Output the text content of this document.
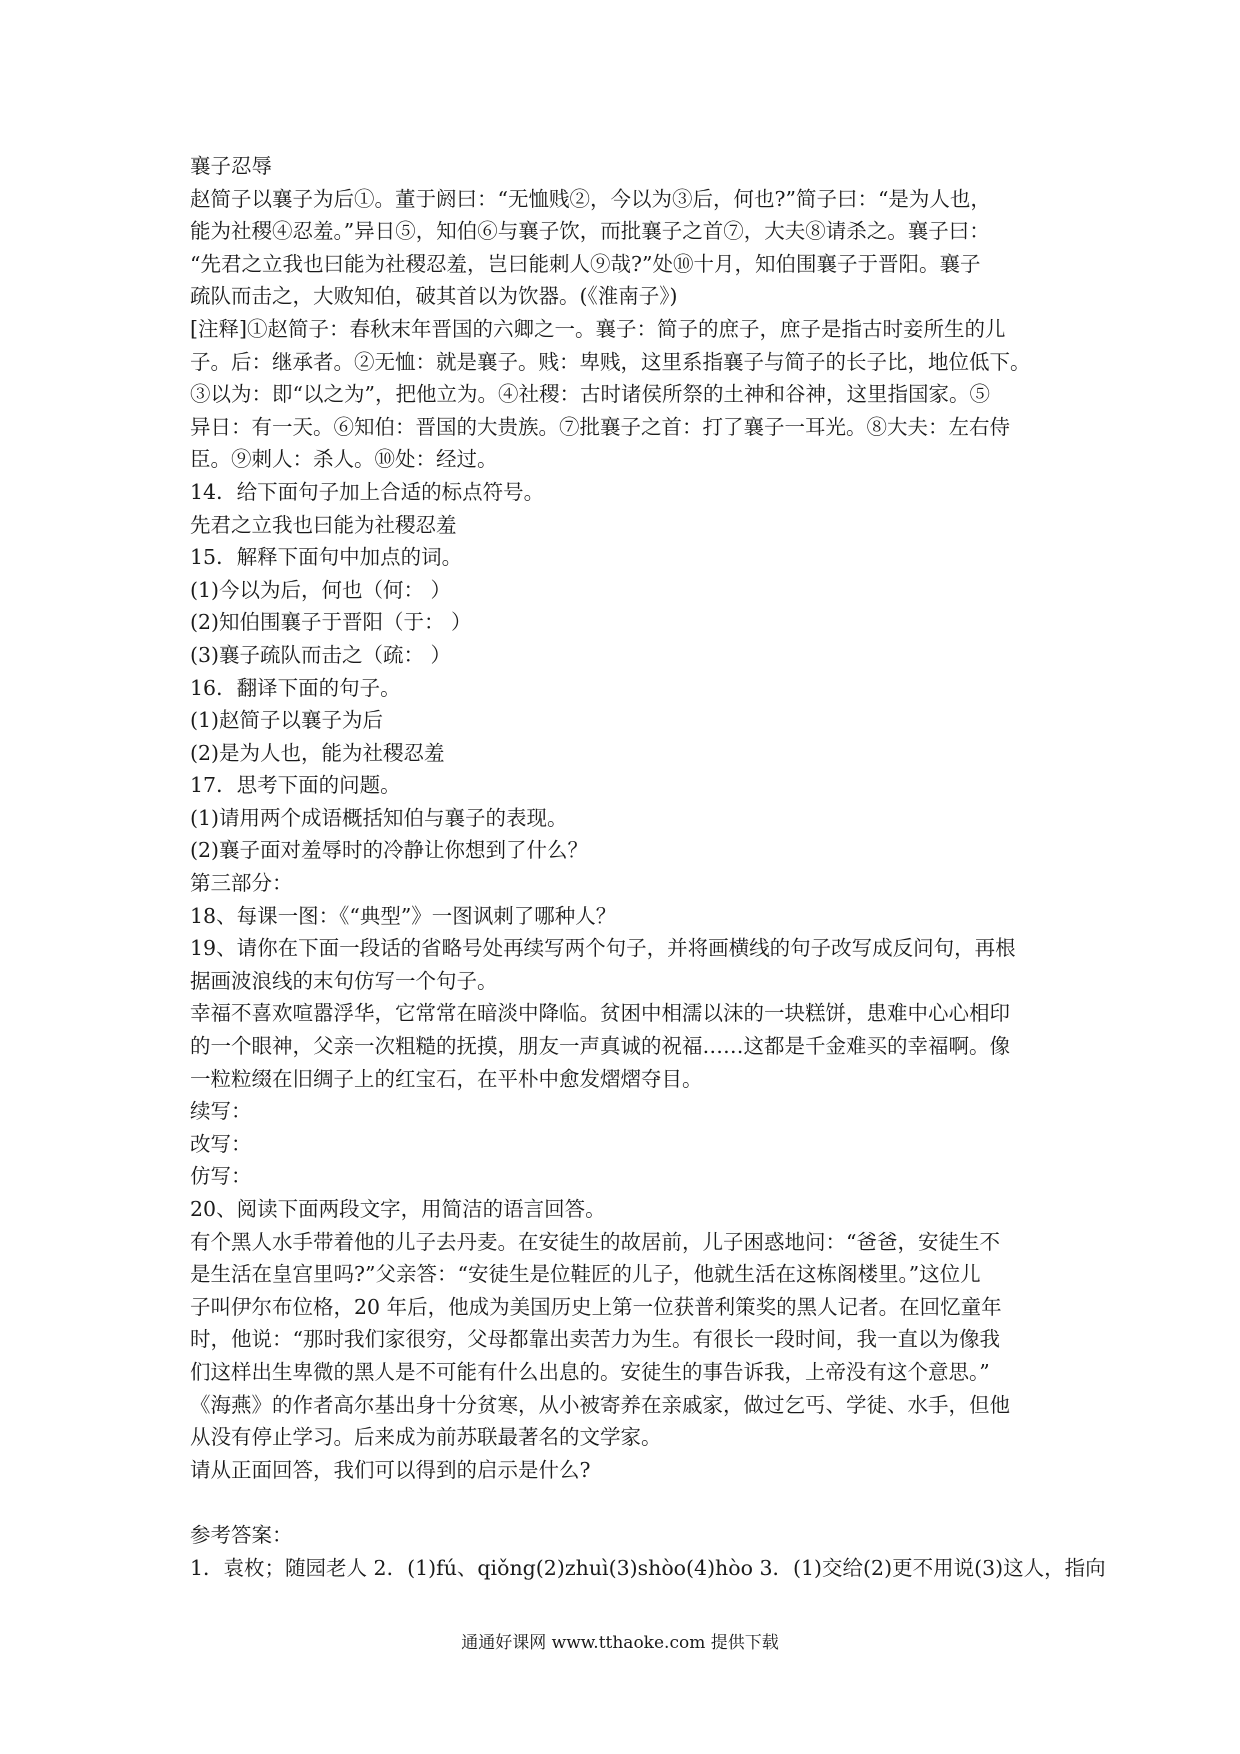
襄子忍辱
赵简子以襄子为后①。董于阏曰：“无恤贱②，今以为③后，何也?”简子曰：“是为人也，
能为社稷④忍羞。”异日⑤，知伯⑥与襄子饮，而批襄子之首⑦，大夫⑧请杀之。襄子曰：
“先君之立我也曰能为社稷忍羞，岂曰能刺人⑨哉?”处⑩十月，知伯围襄子于晋阳。襄子
疏队而击之，大败知伯，破其首以为饮器。(《淮南子》)
[注释]①赵简子：春秋末年晋国的六卿之一。襄子：简子的庶子，庶子是指古时妾所生的儿
子。后：继承者。②无恤：就是襄子。贱：卑贱，这里系指襄子与简子的长子比，地位低下。
③以为：即“以之为”，把他立为。④社稷：古时诸侯所祭的土神和谷神，这里指国家。⑤
异日：有一天。⑥知伯：晋国的大贵族。⑦批襄子之首：打了襄子一耳光。⑧大夫：左右侍
臣。⑨刺人：杀人。⑩处：经过。
14．给下面句子加上合适的标点符号。
先君之立我也曰能为社稷忍羞
15．解释下面句中加点的词。
(1)今以为后，何也（何： ）
(2)知伯围襄子于晋阳（于： ）
(3)襄子疏队而击之（疏： ）
16．翻译下面的句子。
(1)赵简子以襄子为后
(2)是为人也，能为社稷忍羞
17．思考下面的问题。
(1)请用两个成语概括知伯与襄子的表现。
(2)襄子面对羞辱时的冷静让你想到了什么？
第三部分：
18、每课一图：《“典型”》一图讽刺了哪种人？
19、请你在下面一段话的省略号处再续写两个句子，并将画横线的句子改写成反问句，再根
据画波浪线的末句仿写一个句子。
幸福不喜欢喧嚣浮华，它常常在暗淡中降临。贫困中相濡以沫的一块糕饼，患难中心心相印
的一个眼神，父亲一次粗糙的抚摸，朋友一声真诚的祝福……这都是千金难买的幸福啊。像
一粒粒缀在旧绸子上的红宝石，在平朴中愈发熠熠夺目。
续写：
改写：
仿写：
20、阅读下面两段文字，用简洁的语言回答。
有个黑人水手带着他的儿子去丹麦。在安徒生的故居前，儿子困惑地问：“爸爸，安徒生不
是生活在皇宫里吗?”父亲答：“安徒生是位鞋匠的儿子，他就生活在这栋阁楼里。”这位儿
子叫伊尔布位格，20 年后，他成为美国历史上第一位获普利策奖的黑人记者。在回忆童年
时，他说：“那时我们家很穷，父母都靠出卖苦力为生。有很长一段时间，我一直以为像我
们这样出生卑微的黑人是不可能有什么出息的。安徒生的事告诉我，上帝没有这个意思。”
《海燕》的作者高尔基出身十分贫寒，从小被寄养在亲戚家，做过乞丐、学徒、水手，但他
从没有停止学习。后来成为前苏联最著名的文学家。
请从正面回答，我们可以得到的启示是什么?
参考答案：
1．袁枚；随园老人 2．(1)fú、qiǒng(2)zhuì(3)shòo(4)hòo 3．(1)交给(2)更不用说(3)这人，指向
通通好课网 www.tthaoke.com 提供下载
